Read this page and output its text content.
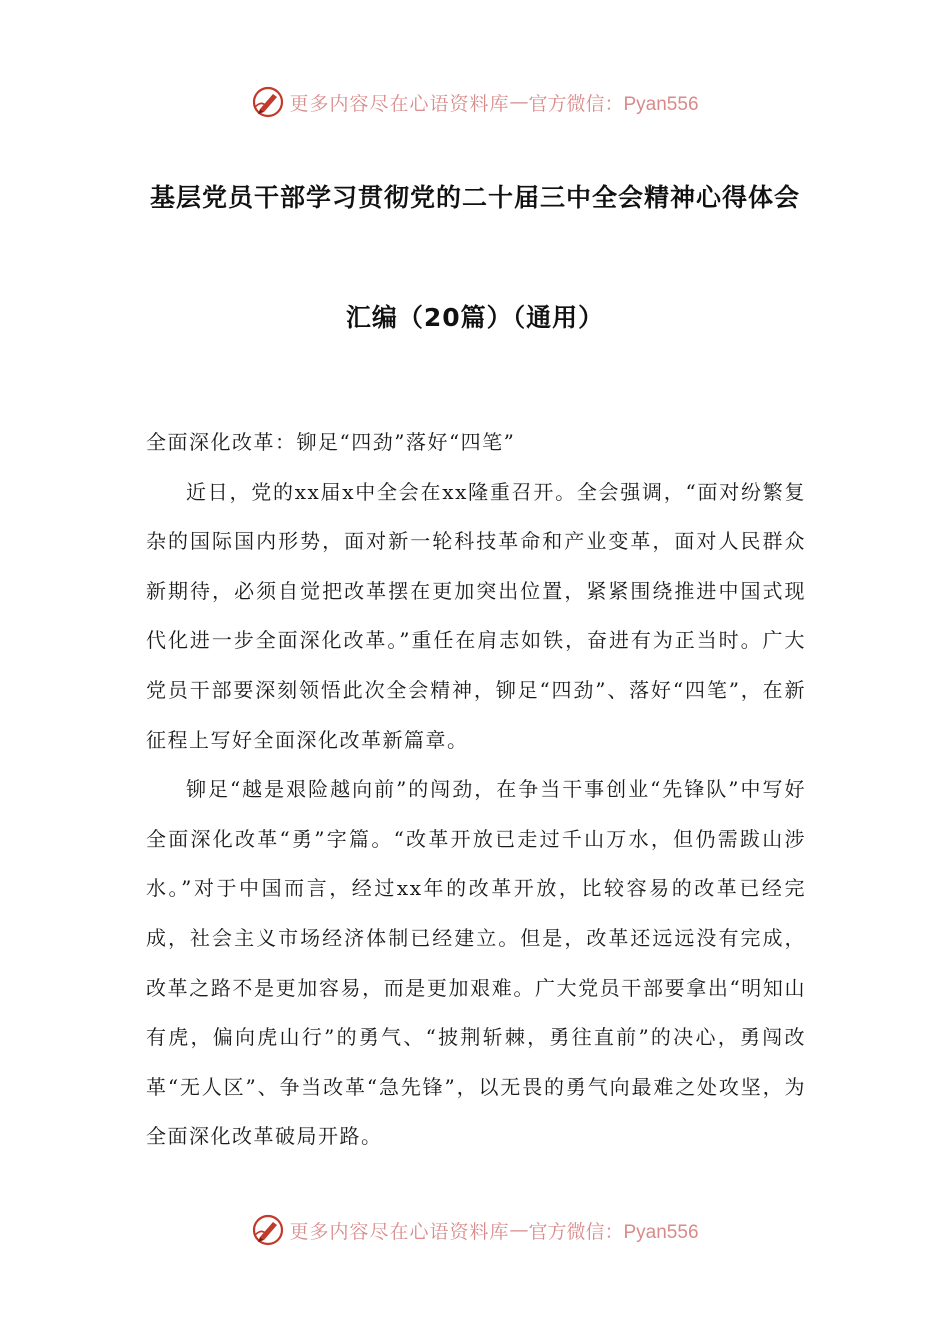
更多内容尽在心语资料库 — 官方微信：Pyan556
基层党员干部学习贯彻党的二十届三中全会精神心得体会
汇编（20篇）（通用）

全面深化改革：铆足“四劲”落好“四笔”

近日，党的xx届x中全会在xx隆重召开。全会强调，“面对纷繁复杂的国际国内形势，面对新一轮科技革命和产业变革，面对人民群众新期待，必须自觉把改革摆在更加突出位置，紧紧围绕推进中国式现代化进一步全面深化改革。”重任在肩志如铁，奋进有为正当时。广大党员干部要深刻领悟此次全会精神，铆足“四劲”、落好“四笔”，在新征程上写好全面深化改革新篇章。

铆足“越是艰险越向前”的闯劲，在争当干事创业“先锋队”中写好全面深化改革“勇”字篇。“改革开放已走过千山万水，但仍需跋山涉水。”对于中国而言，经过xx年的改革开放，比较容易的改革已经完成，社会主义市场经济体制已经建立。但是，改革还远远没有完成，改革之路不是更加容易，而是更加艰难。广大党员干部要拿出“明知山有虎，偏向虎山行”的勇气、“披荆斩棘，勇往直前”的决心，勇闯改革“无人区”、争当改革“急先锋”，以无畏的勇气向最难之处攻坚，为全面深化改革破局开路。

更多内容尽在心语资料库 — 官方微信：Pyan556
